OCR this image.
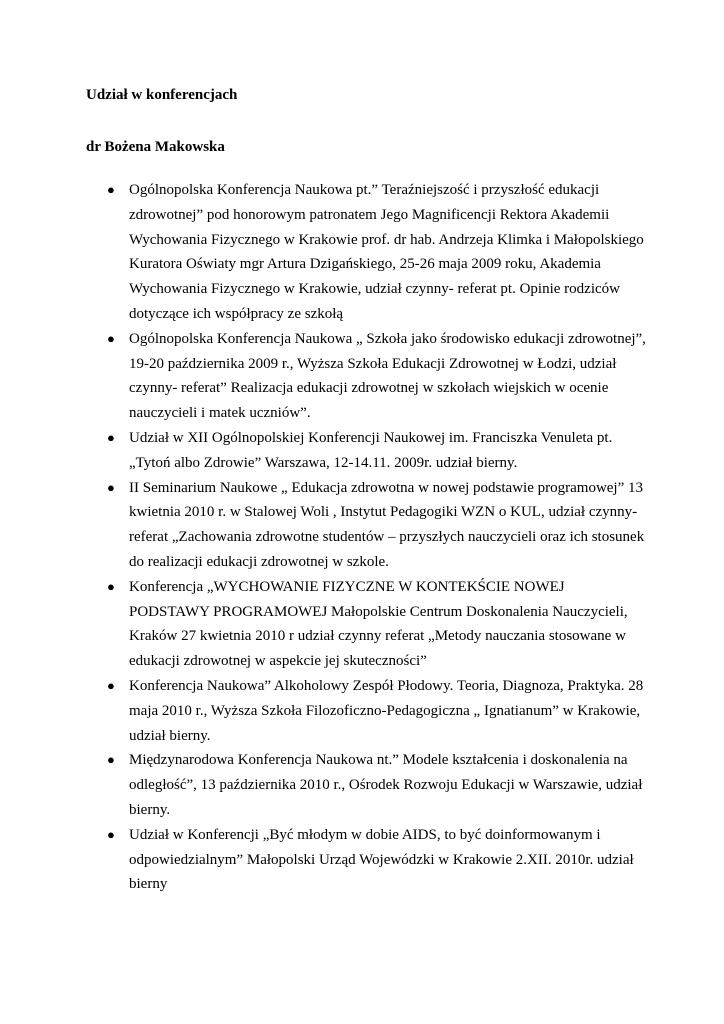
Udział w konferencjach

dr Bożena Makowska

● Ogólnopolska Konferencja Naukowa pt.” Teraźniejszość i przyszłość edukacji
zdrowotnej” pod honorowym patronatem Jego Magnificencji Rektora Akademii
Wychowania Fizycznego w Krakowie prof. dr hab. Andrzeja Klimka i Małopolskiego
Kuratora Oświaty mgr Artura Dzigańskiego, 25-26 maja 2009 roku, Akademia
Wychowania Fizycznego w Krakowie, udział czynny- referat pt. Opinie rodziców
dotyczące ich współpracy ze szkołą
● Ogólnopolska Konferencja Naukowa „ Szkoła jako środowisko edukacji zdrowotnej”,
19-20 października 2009 r., Wyższa Szkoła Edukacji Zdrowotnej w Łodzi, udział
czynny- referat” Realizacja edukacji zdrowotnej w szkołach wiejskich w ocenie
nauczycieli i matek uczniów”.
● Udział w XII Ogólnopolskiej Konferencji Naukowej im. Franciszka Venuleta pt.
„Tytoń albo Zdrowie” Warszawa, 12-14.11. 2009r. udział bierny.
● II Seminarium Naukowe „ Edukacja zdrowotna w nowej podstawie programowej” 13
kwietnia 2010 r. w Stalowej Woli , Instytut Pedagogiki WZN o KUL, udział czynny-
referat „Zachowania zdrowotne studentów – przyszłych nauczycieli oraz ich stosunek
do realizacji edukacji zdrowotnej w szkole.
● Konferencja „WYCHOWANIE FIZYCZNE W KONTEKŚCIE NOWEJ
PODSTAWY PROGRAMOWEJ Małopolskie Centrum Doskonalenia Nauczycieli,
Kraków 27 kwietnia 2010 r udział czynny referat „Metody nauczania stosowane w
edukacji zdrowotnej w aspekcie jej skuteczności”
● Konferencja Naukowa” Alkoholowy Zespół Płodowy. Teoria, Diagnoza, Praktyka. 28
maja 2010 r., Wyższa Szkoła Filozoficzno-Pedagogiczna „ Ignatianum” w Krakowie,
udział bierny.
● Międzynarodowa Konferencja Naukowa nt.” Modele kształcenia i doskonalenia na
odległość”, 13 października 2010 r., Ośrodek Rozwoju Edukacji w Warszawie, udział
bierny.
● Udział w Konferencji „Być młodym w dobie AIDS, to być doinformowanym i
odpowiedzialnym” Małopolski Urząd Wojewódzki w Krakowie 2.XII. 2010r. udział
bierny
